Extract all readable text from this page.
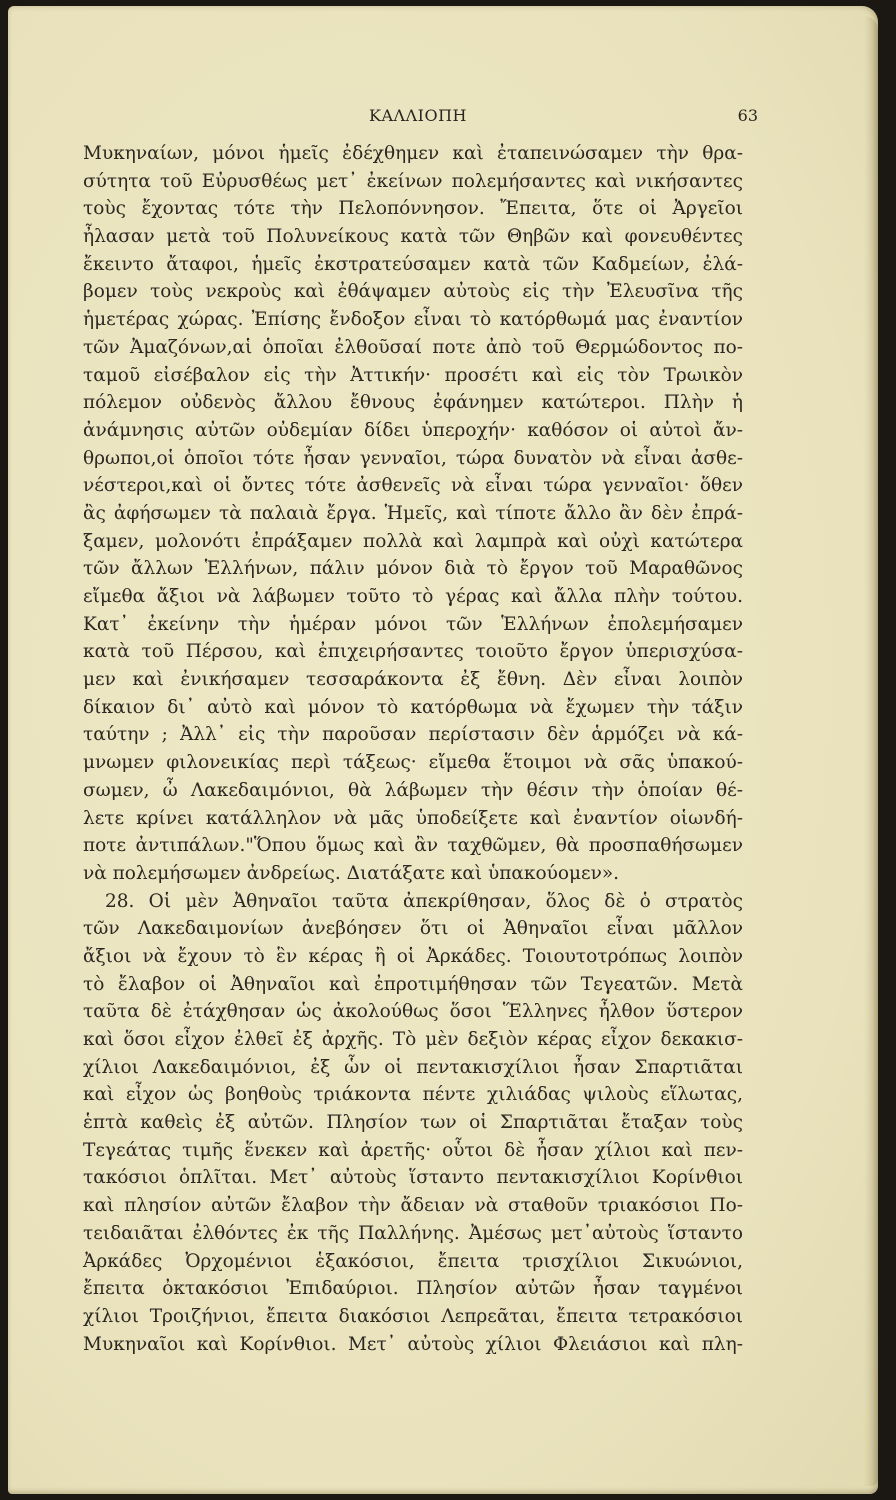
ΚΑΛΛΙΟΠΗ	63
Μυκηναίων, μόνοι ἡμεῖς ἐδέχθημεν καὶ ἐταπεινώσαμεν τὴν θρα-
σύτητα τοῦ Εὐρυσθέως μετ᾽ ἐκείνων πολεμήσαντες καὶ νικήσαντες
τοὺς ἔχοντας τότε τὴν Πελοπόννησον. Ἔπειτα, ὅτε οἱ Ἀργεῖοι
ἦλασαν μετὰ τοῦ Πολυνείκους κατὰ τῶν Θηβῶν καὶ φονευθέντες
ἔκειντο ἄταφοι, ἡμεῖς ἐκστρατεύσαμεν κατὰ τῶν Καδμείων, ἐλά-
βομεν τοὺς νεκροὺς καὶ ἐθάψαμεν αὐτοὺς εἰς τὴν Ἐλευσῖνα τῆς
ἡμετέρας χώρας. Ἐπίσης ἔνδοξον εἶναι τὸ κατόρθωμά μας ἐναντίον
τῶν Ἀμαζόνων,αἱ ὁποῖαι ἐλθοῦσαί ποτε ἀπὸ τοῦ Θερμώδοντος πο-
ταμοῦ εἰσέβαλον εἰς τὴν Ἀττικήν· προσέτι καὶ εἰς τὸν Τρωικὸν
πόλεμον οὐδενὸς ἄλλου ἔθνους ἐφάνημεν κατώτεροι. Πλὴν ἡ
ἀνάμνησις αὐτῶν οὐδεμίαν δίδει ὑπεροχήν· καθόσον οἱ αὐτοὶ ἄν-
θρωποι,οἱ ὁποῖοι τότε ἦσαν γενναῖοι, τώρα δυνατὸν νὰ εἶναι ἀσθε-
νέστεροι,καὶ οἱ ὄντες τότε ἀσθενεῖς νὰ εἶναι τώρα γενναῖοι· ὅθεν
ἂς ἀφήσωμεν τὰ παλαιὰ ἔργα. Ἡμεῖς, καὶ τίποτε ἄλλο ἂν δὲν ἐπρά-
ξαμεν, μολονότι ἐπράξαμεν πολλὰ καὶ λαμπρὰ καὶ οὐχὶ κατώτερα
τῶν ἄλλων Ἑλλήνων, πάλιν μόνον διὰ τὸ ἔργον τοῦ Μαραθῶνος
εἴμεθα ἄξιοι νὰ λάβωμεν τοῦτο τὸ γέρας καὶ ἄλλα πλὴν τούτου.
Κατ᾽ ἐκείνην τὴν ἡμέραν μόνοι τῶν Ἑλλήνων ἐπολεμήσαμεν
κατὰ τοῦ Πέρσου, καὶ ἐπιχειρήσαντες τοιοῦτο ἔργον ὑπερισχύσα-
μεν καὶ ἐνικήσαμεν τεσσαράκοντα ἐξ ἔθνη. Δὲν εἶναι λοιπὸν
δίκαιον δι᾽ αὐτὸ καὶ μόνον τὸ κατόρθωμα νὰ ἔχωμεν τὴν τάξιν
ταύτην ; Ἀλλ᾽ εἰς τὴν παροῦσαν περίστασιν δὲν ἁρμόζει νὰ κά-
μνωμεν φιλονεικίας περὶ τάξεως· εἴμεθα ἕτοιμοι νὰ σᾶς ὑπακού-
σωμεν, ὦ Λακεδαιμόνιοι, θὰ λάβωμεν τὴν θέσιν τὴν ὁποίαν θέ-
λετε κρίνει κατάλληλον νὰ μᾶς ὑποδείξετε καὶ ἐναντίον οἱωνδή-
ποτε ἀντιπάλων."Ὅπου ὅμως καὶ ἂν ταχθῶμεν, θὰ προσπαθήσωμεν
νὰ πολεμήσωμεν ἀνδρείως. Διατάξατε καὶ ὑπακούομεν».
28. Οἱ μὲν Ἀθηναῖοι ταῦτα ἀπεκρίθησαν, ὅλος δὲ ὁ στρατὸς
τῶν Λακεδαιμονίων ἀνεβόησεν ὅτι οἱ Ἀθηναῖοι εἶναι μᾶλλον
ἄξιοι νὰ ἔχουν τὸ ἓν κέρας ἢ οἱ Ἀρκάδες. Τοιουτοτρόπως λοιπὸν
τὸ ἔλαβον οἱ Ἀθηναῖοι καὶ ἐπροτιμήθησαν τῶν Τεγεατῶν. Μετὰ
ταῦτα δὲ ἐτάχθησαν ὡς ἀκολούθως ὅσοι Ἕλληνες ἦλθον ὕστερον
καὶ ὅσοι εἶχον ἐλθεῖ ἐξ ἀρχῆς. Τὸ μὲν δεξιὸν κέρας εἶχον δεκακισ-
χίλιοι Λακεδαιμόνιοι, ἐξ ὧν οἱ πεντακισχίλιοι ἦσαν Σπαρτιᾶται
καὶ εἶχον ὡς βοηθοὺς τριάκοντα πέντε χιλιάδας ψιλοὺς εἵλωτας,
ἑπτὰ καθεὶς ἐξ αὐτῶν. Πλησίον των οἱ Σπαρτιᾶται ἔταξαν τοὺς
Τεγεάτας τιμῆς ἕνεκεν καὶ ἀρετῆς· οὗτοι δὲ ἦσαν χίλιοι καὶ πεν-
τακόσιοι ὁπλῖται. Μετ᾽ αὐτοὺς ἵσταντο πεντακισχίλιοι Κορίνθιοι
καὶ πλησίον αὐτῶν ἔλαβον τὴν ἄδειαν νὰ σταθοῦν τριακόσιοι Πο-
τειδαιᾶται ἐλθόντες ἐκ τῆς Παλλήνης. Ἀμέσως μετ᾽αὐτοὺς ἵσταντο
Ἀρκάδες Ὀρχομένιοι ἑξακόσιοι, ἔπειτα τρισχίλιοι Σικυώνιοι,
ἔπειτα ὀκτακόσιοι Ἐπιδαύριοι. Πλησίον αὐτῶν ἦσαν ταγμένοι
χίλιοι Τροιζήνιοι, ἔπειτα διακόσιοι Λεπρεᾶται, ἔπειτα τετρακόσιοι
Μυκηναῖοι καὶ Κορίνθιοι. Μετ᾽ αὐτοὺς χίλιοι Φλειάσιοι καὶ πλη-
